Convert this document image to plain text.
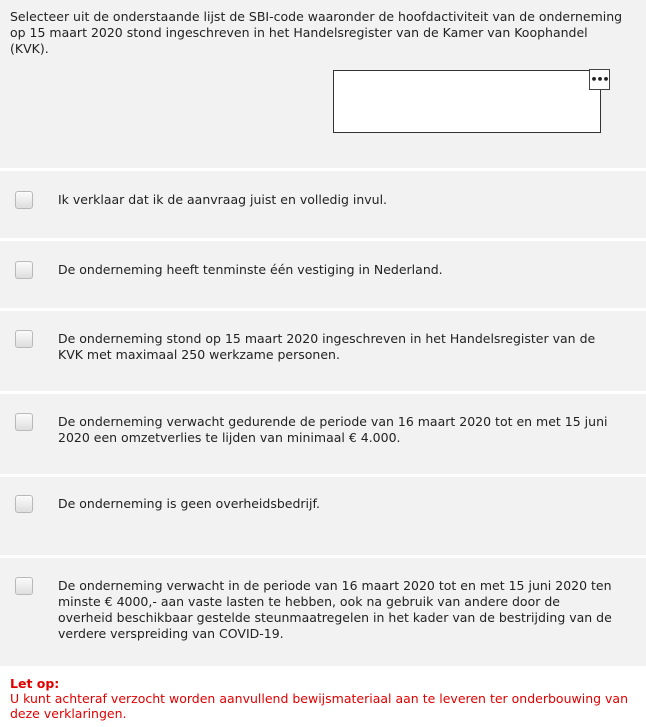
Selecteer uit de onderstaande lijst de SBI-code waaronder de hoofdactiviteit van de onderneming op 15 maart 2020 stond ingeschreven in het Handelsregister van de Kamer van Koophandel (KVK).
•••
Ik verklaar dat ik de aanvraag juist en volledig invul.
De onderneming heeft tenminste één vestiging in Nederland.
De onderneming stond op 15 maart 2020 ingeschreven in het Handelsregister van de KVK met maximaal 250 werkzame personen.
De onderneming verwacht gedurende de periode van 16 maart 2020 tot en met 15 juni 2020 een omzetverlies te lijden van minimaal € 4.000.
De onderneming is geen overheidsbedrijf.
De onderneming verwacht in de periode van 16 maart 2020 tot en met 15 juni 2020 ten minste € 4000,- aan vaste lasten te hebben, ook na gebruik van andere door de overheid beschikbaar gestelde steunmaatregelen in het kader van de bestrijding van de verdere verspreiding van COVID-19.
Let op:
U kunt achteraf verzocht worden aanvullend bewijsmateriaal aan te leveren ter onderbouwing van deze verklaringen.
